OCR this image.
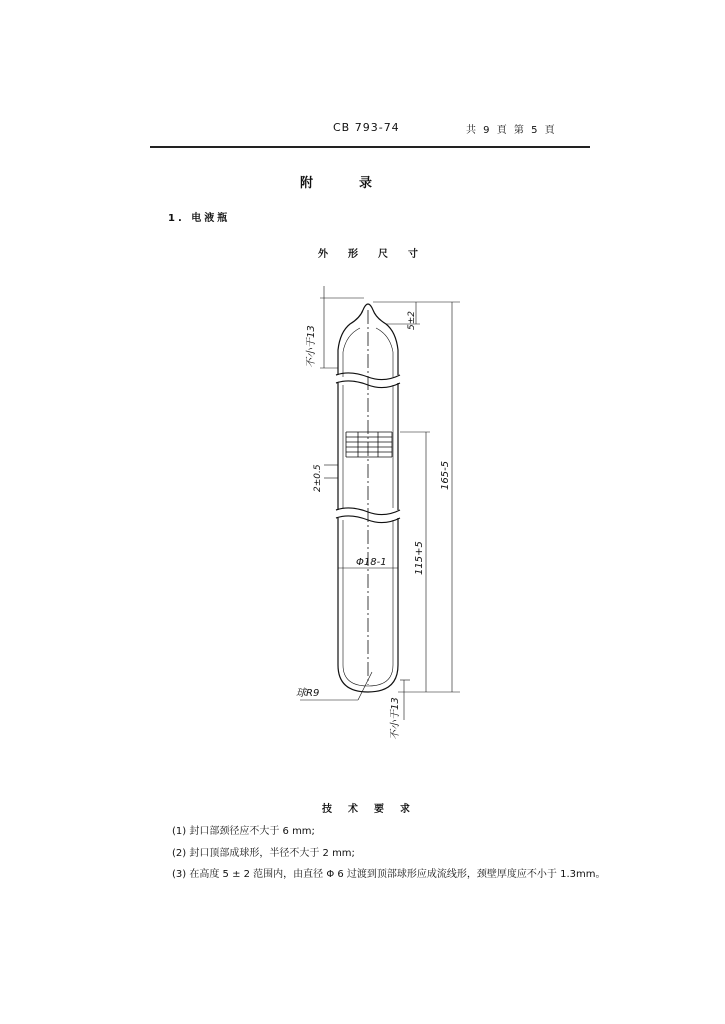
CB 793-74	共 9 頁 第 5 頁
附录
1. 电液瓶
外形尺寸
不小于13
5±2
165-5
115+5
2±0.5
Φ18-1
球R9
不小于13
技术要求
(1) 封口部颈径应不大于 6 mm;
(2) 封口顶部成球形，半径不大于 2 mm;
(3) 在高度 5 ± 2 范围内，由直径 Φ 6 过渡到顶部球形应成流线形，颈壁厚度应不小于 1.3mm。
